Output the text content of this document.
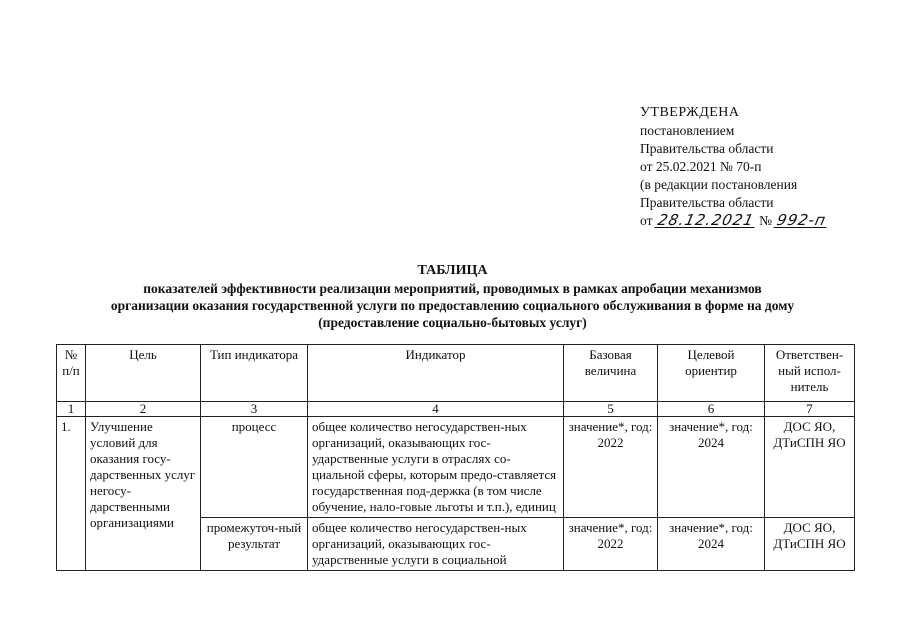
УТВЕРЖДЕНА
постановлением
Правительства области
от 25.02.2021 № 70-п
(в редакции постановления
Правительства области
от 28.12.2021 № 992-п
ТАБЛИЦА
показателей эффективности реализации мероприятий, проводимых в рамках апробации механизмов
организации оказания государственной услуги по предоставлению социального обслуживания в форме на дому
(предоставление социально-бытовых услуг)
№ п/п	Цель	Тип индикатора	Индикатор	Базовая величина	Целевой ориентир	Ответствен-ный испол-нитель
1	2	3	4	5	6	7
1.	Улучшение условий для оказания госу-дарственных услуг негосу-дарственными организациями	процесс	общее количество негосударствен-ных организаций, оказывающих гос-ударственные услуги в отраслях со-циальной сферы, которым предо-ставляется государственная под-держка (в том числе обучение, нало-говые льготы и т.п.), единиц	значение*, год: 2022	значение*, год: 2024	ДОС ЯО, ДТиСПН ЯО
		промежуточ-ный результат	общее количество негосударствен-ных организаций, оказывающих гос-ударственные услуги в социальной	значение*, год: 2022	значение*, год: 2024	ДОС ЯО, ДТиСПН ЯО
